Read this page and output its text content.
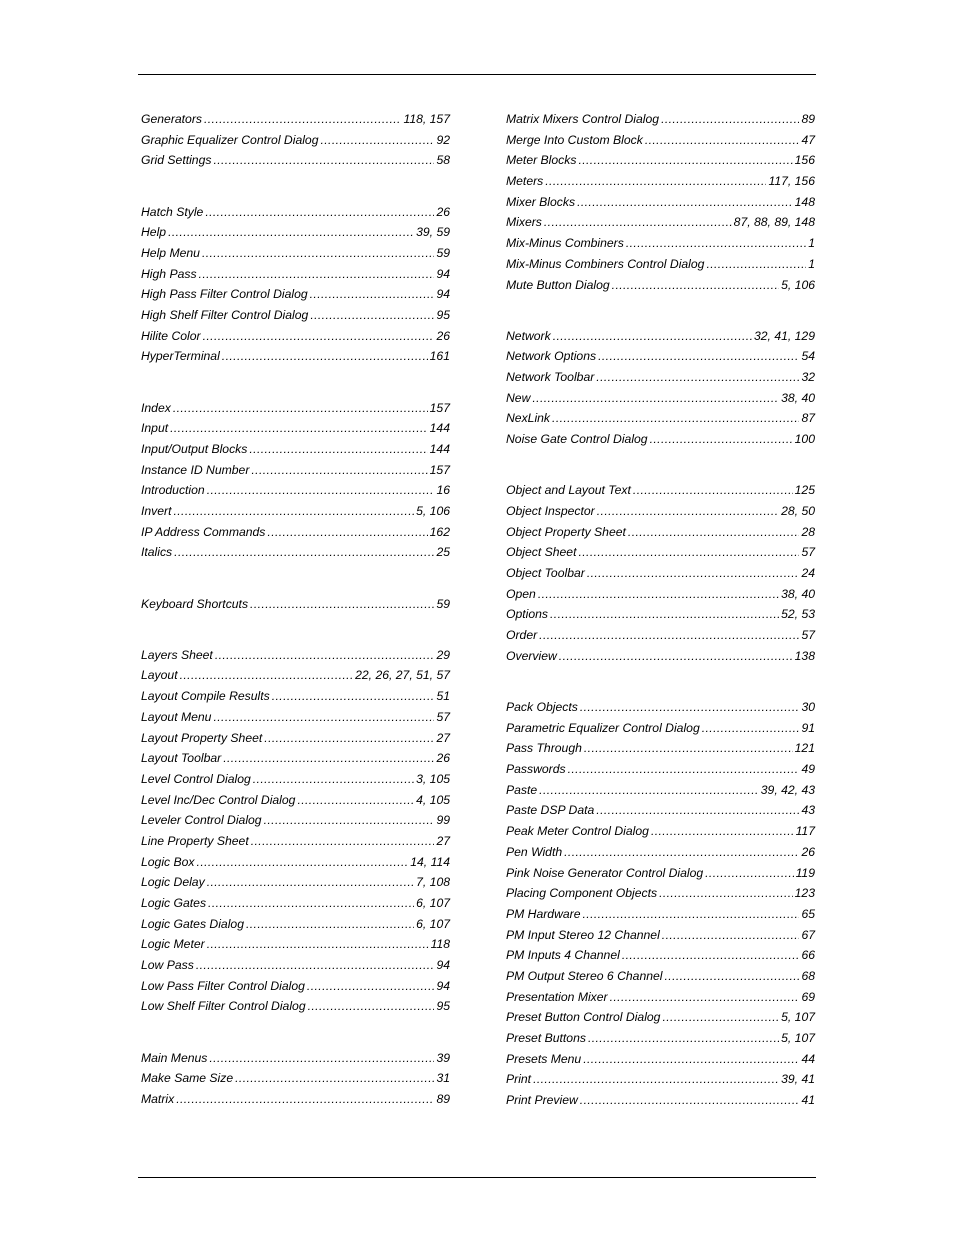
Generators .....	118, 157
Graphic Equalizer Control Dialog .....	92
Grid Settings .....	58
Hatch Style .....	26
Help .....	39, 59
Help Menu .....	59
High Pass .....	94
High Pass Filter Control Dialog .....	94
High Shelf Filter Control Dialog .....	95
Hilite Color .....	26
HyperTerminal .....	161
Index .....	157
Input .....	144
Input/Output Blocks .....	144
Instance ID Number .....	157
Introduction .....	16
Invert .....	5, 106
IP Address Commands .....	162
Italics .....	25
Keyboard Shortcuts .....	59
Layers Sheet .....	29
Layout .....	22, 26, 27, 51, 57
Layout Compile Results .....	51
Layout Menu .....	57
Layout Property Sheet .....	27
Layout Toolbar .....	26
Level Control Dialog .....	3, 105
Level Inc/Dec Control Dialog .....	4, 105
Leveler Control Dialog .....	99
Line Property Sheet .....	27
Logic Box .....	14, 114
Logic Delay .....	7, 108
Logic Gates .....	6, 107
Logic Gates Dialog .....	6, 107
Logic Meter .....	118
Low Pass .....	94
Low Pass Filter Control Dialog .....	94
Low Shelf Filter Control Dialog .....	95
Main Menus .....	39
Make Same Size .....	31
Matrix .....	89
Matrix Mixers Control Dialog .....	89
Merge Into Custom Block .....	47
Meter Blocks .....	156
Meters .....	117, 156
Mixer Blocks .....	148
Mixers .....	87, 88, 89, 148
Mix-Minus Combiners .....	1
Mix-Minus Combiners Control Dialog .....	1
Mute Button Dialog .....	5, 106
Network .....	32, 41, 129
Network Options .....	54
Network Toolbar .....	32
New .....	38, 40
NexLink .....	87
Noise Gate Control Dialog .....	100
Object and Layout Text .....	125
Object Inspector .....	28, 50
Object Property Sheet .....	28
Object Sheet .....	57
Object Toolbar .....	24
Open .....	38, 40
Options .....	52, 53
Order .....	57
Overview .....	138
Pack Objects .....	30
Parametric Equalizer Control Dialog .....	91
Pass Through .....	121
Passwords .....	49
Paste .....	39, 42, 43
Paste DSP Data .....	43
Peak Meter Control Dialog .....	117
Pen Width .....	26
Pink Noise Generator Control Dialog .....	119
Placing Component Objects .....	123
PM Hardware .....	65
PM Input Stereo 12 Channel .....	67
PM Inputs 4 Channel .....	66
PM Output Stereo 6 Channel .....	68
Presentation Mixer .....	69
Preset Button Control Dialog .....	5, 107
Preset Buttons .....	5, 107
Presets Menu .....	44
Print .....	39, 41
Print Preview .....	41
